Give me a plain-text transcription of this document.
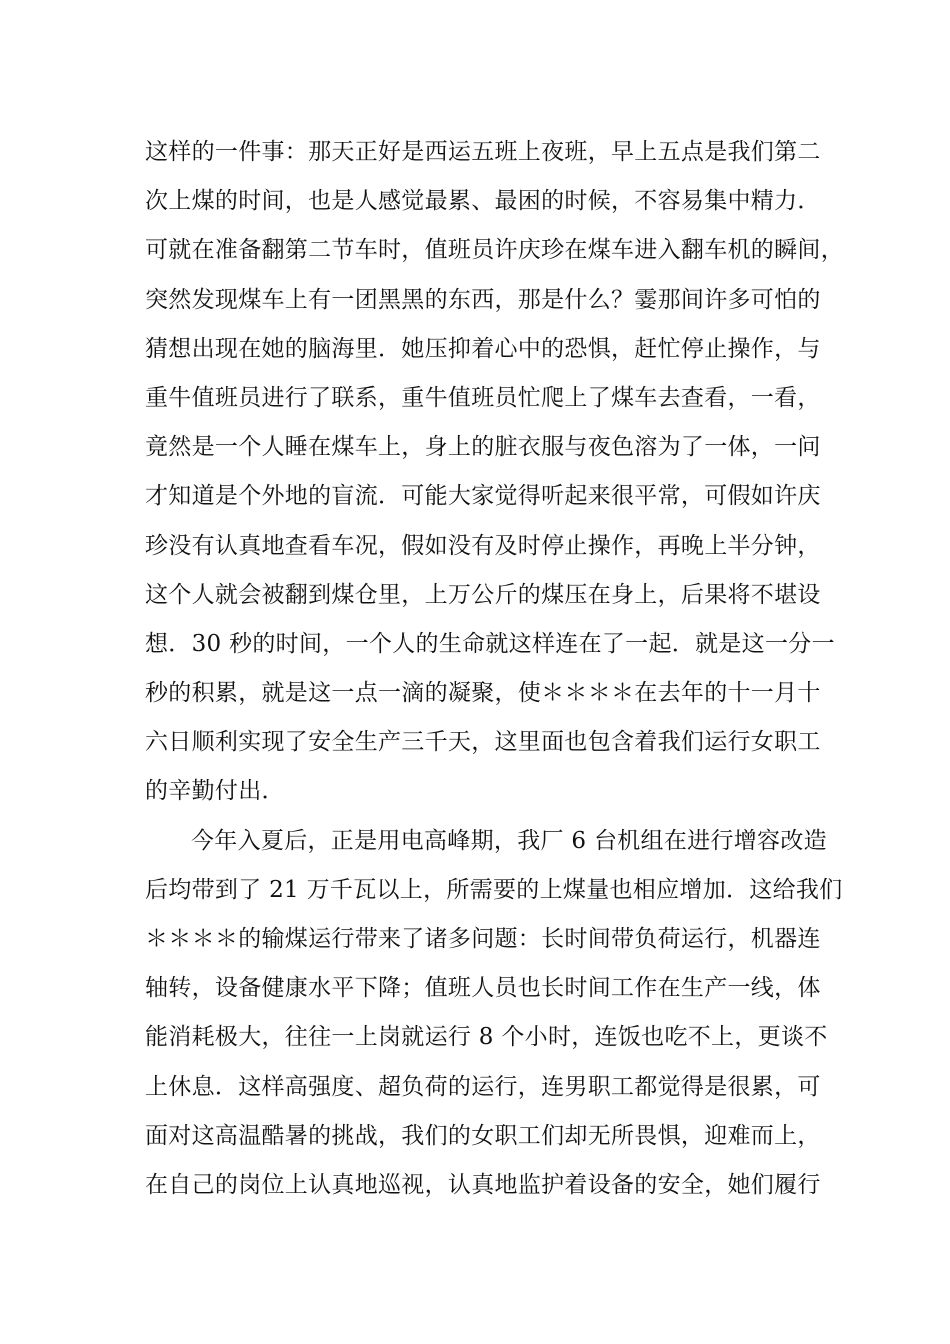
这样的一件事：那天正好是西运五班上夜班，早上五点是我们第二
次上煤的时间，也是人感觉最累、最困的时候，不容易集中精力．
可就在准备翻第二节车时，值班员许庆珍在煤车进入翻车机的瞬间，
突然发现煤车上有一团黑黑的东西，那是什么？霎那间许多可怕的
猜想出现在她的脑海里．她压抑着心中的恐惧，赶忙停止操作，与
重牛值班员进行了联系，重牛值班员忙爬上了煤车去查看，一看，
竟然是一个人睡在煤车上，身上的脏衣服与夜色溶为了一体，一问
才知道是个外地的盲流．可能大家觉得听起来很平常，可假如许庆
珍没有认真地查看车况，假如没有及时停止操作，再晚上半分钟，
这个人就会被翻到煤仓里，上万公斤的煤压在身上，后果将不堪设
想．30 秒的时间，一个人的生命就这样连在了一起．就是这一分一
秒的积累，就是这一点一滴的凝聚，使＊＊＊＊在去年的十一月十
六日顺利实现了安全生产三千天，这里面也包含着我们运行女职工
的辛勤付出．
今年入夏后，正是用电高峰期，我厂 6 台机组在进行增容改造
后均带到了 21 万千瓦以上，所需要的上煤量也相应增加．这给我们
＊＊＊＊的输煤运行带来了诸多问题：长时间带负荷运行，机器连
轴转，设备健康水平下降；值班人员也长时间工作在生产一线，体
能消耗极大，往往一上岗就运行 8 个小时，连饭也吃不上，更谈不
上休息．这样高强度、超负荷的运行，连男职工都觉得是很累，可
面对这高温酷暑的挑战，我们的女职工们却无所畏惧，迎难而上，
在自己的岗位上认真地巡视，认真地监护着设备的安全，她们履行
